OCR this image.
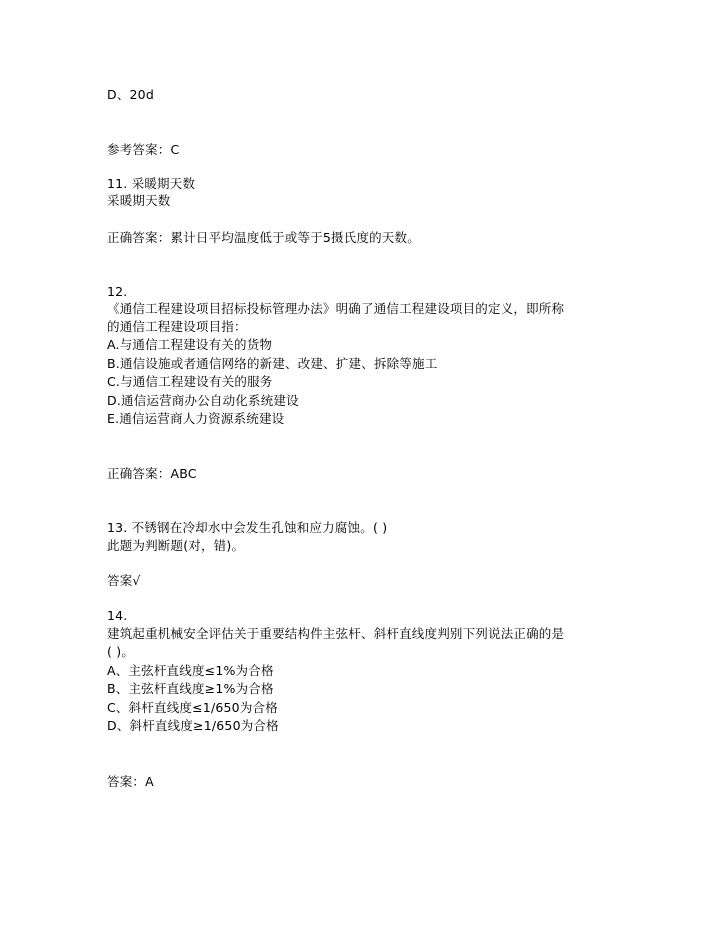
D、20d
参考答案：C
11. 采暖期天数
采暖期天数
正确答案：累计日平均温度低于或等于5摄氏度的天数。
12.
《通信工程建设项目招标投标管理办法》明确了通信工程建设项目的定义，即所称
的通信工程建设项目指：
A.与通信工程建设有关的货物
B.通信设施或者通信网络的新建、改建、扩建、拆除等施工
C.与通信工程建设有关的服务
D.通信运营商办公自动化系统建设
E.通信运营商人力资源系统建设
正确答案：ABC
13. 不锈钢在冷却水中会发生孔蚀和应力腐蚀。( )
此题为判断题(对，错)。
答案√
14.
建筑起重机械安全评估关于重要结构件主弦杆、斜杆直线度判别下列说法正确的是
( )。
A、主弦杆直线度≤1%为合格
B、主弦杆直线度≥1%为合格
C、斜杆直线度≤1/650为合格
D、斜杆直线度≥1/650为合格
答案：A
